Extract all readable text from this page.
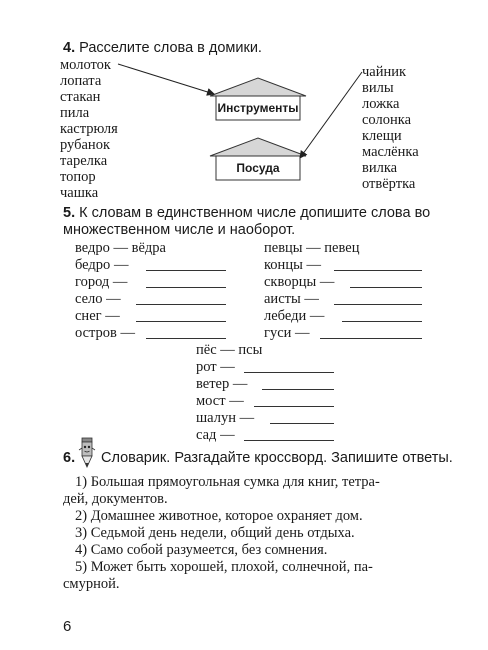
4. Расселите слова в домики.
молоток
лопата
стакан
пила
кастрюля
рубанок
тарелка
топор
чашка
чайник
вилы
ложка
солонка
клещи
маслёнка
вилка
отвёртка
Инструменты
Посуда
5. К словам в единственном числе допишите слова во
множественном числе и наоборот.
ведро — вёдра
бедро —
город —
село —
снег —
остров —
певцы — певец
концы —
скворцы —
аисты —
лебеди —
гуси —
пёс — псы
рот —
ветер —
мост —
шалун —
сад —
6. Словарик. Разгадайте кроссворд. Запишите ответы.
1) Большая прямоугольная сумка для книг, тетра-
дей, документов.
2) Домашнее животное, которое охраняет дом.
3) Седьмой день недели, общий день отдыха.
4) Само собой разумеется, без сомнения.
5) Может быть хорошей, плохой, солнечной, па-
смурной.
6
